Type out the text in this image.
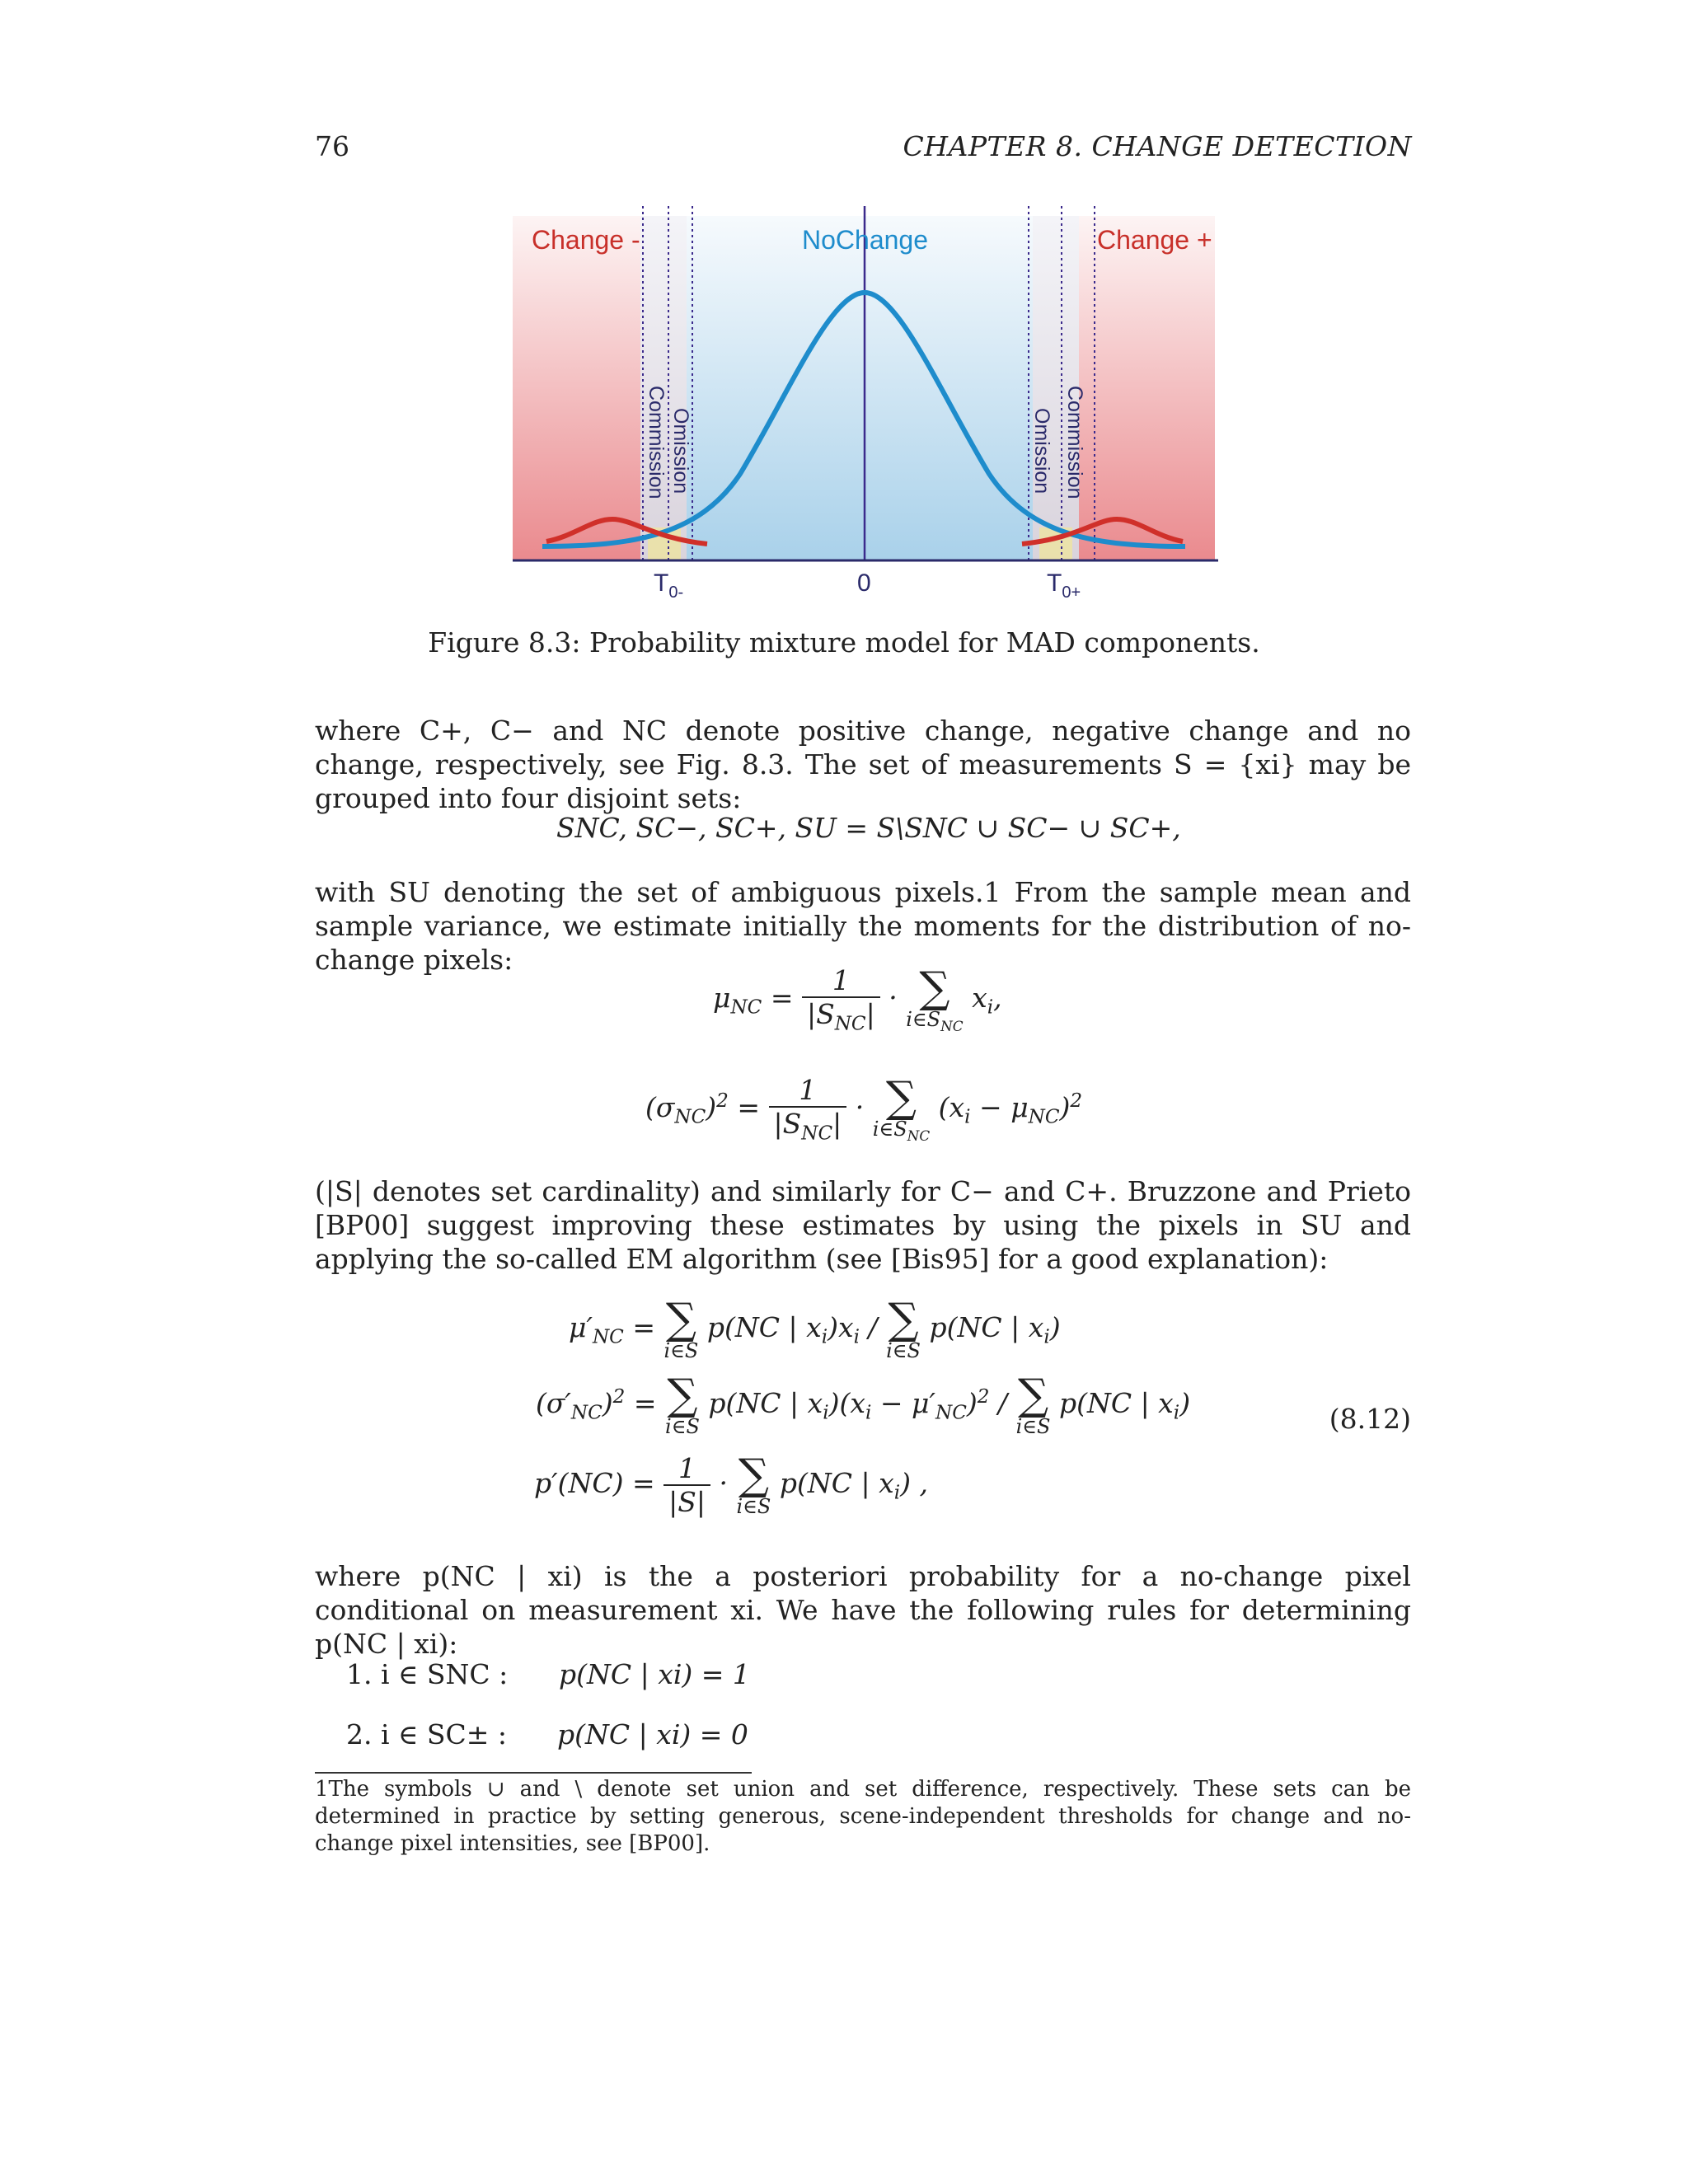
76	CHAPTER 8. CHANGE DETECTION
Change -	NoChange	Change +
Commission Omission	Omission Commission
$T_{0-}$	0	$T_{0+}$
Figure 8.3: Probability mixture model for MAD components.
where C+, C− and NC denote positive change, negative change and no change, respectively, see Fig. 8.3. The set of measurements S = {xi} may be grouped into four disjoint sets:
SNC, SC−, SC+, SU = S\SNC ∪ SC− ∪ SC+,
with SU denoting the set of ambiguous pixels.1 From the sample mean and sample variance, we estimate initially the moments for the distribution of no-change pixels:
$\mu_{NC} = \frac{1}{|S_{NC}|}$ · ∑
$i\in S_{NC}$
$x_i$,
$(\sigma_{NC})^2 = \frac{1}{|S_{NC}|}$ · ∑
$i\in S_{NC}$
$(x_i - \mu_{NC})^2$
(|S| denotes set cardinality) and similarly for C− and C+. Bruzzone and Prieto [BP00] suggest improving these estimates by using the pixels in SU and applying the so-called EM algorithm (see [Bis95] for a good explanation):
$\mu'_{NC}$ = ∑
i∈S
p(NC | $x_i)x_i$ / ∑
i∈S
p(NC | $x_i$)
$(\sigma'_{NC})^2$ = ∑
i∈S
p(NC | $x_i)(x_i - \mu'_{NC})^2$ / ∑
i∈S
p(NC | $x_i$)
$p'(NC) = \frac{1}{|S|}$ · ∑
i∈S
p(NC | $x_i$) ,
(8.12)
where p(NC | xi) is the a posteriori probability for a no-change pixel conditional on measurement xi. We have the following rules for determining p(NC | xi):
1. i ∈ SNC : p(NC | xi) = 1
2. i ∈ SC± : p(NC | xi) = 0
1The symbols ∪ and \ denote set union and set difference, respectively. These sets can be determined in practice by setting generous, scene-independent thresholds for change and no-change pixel intensities, see [BP00].
